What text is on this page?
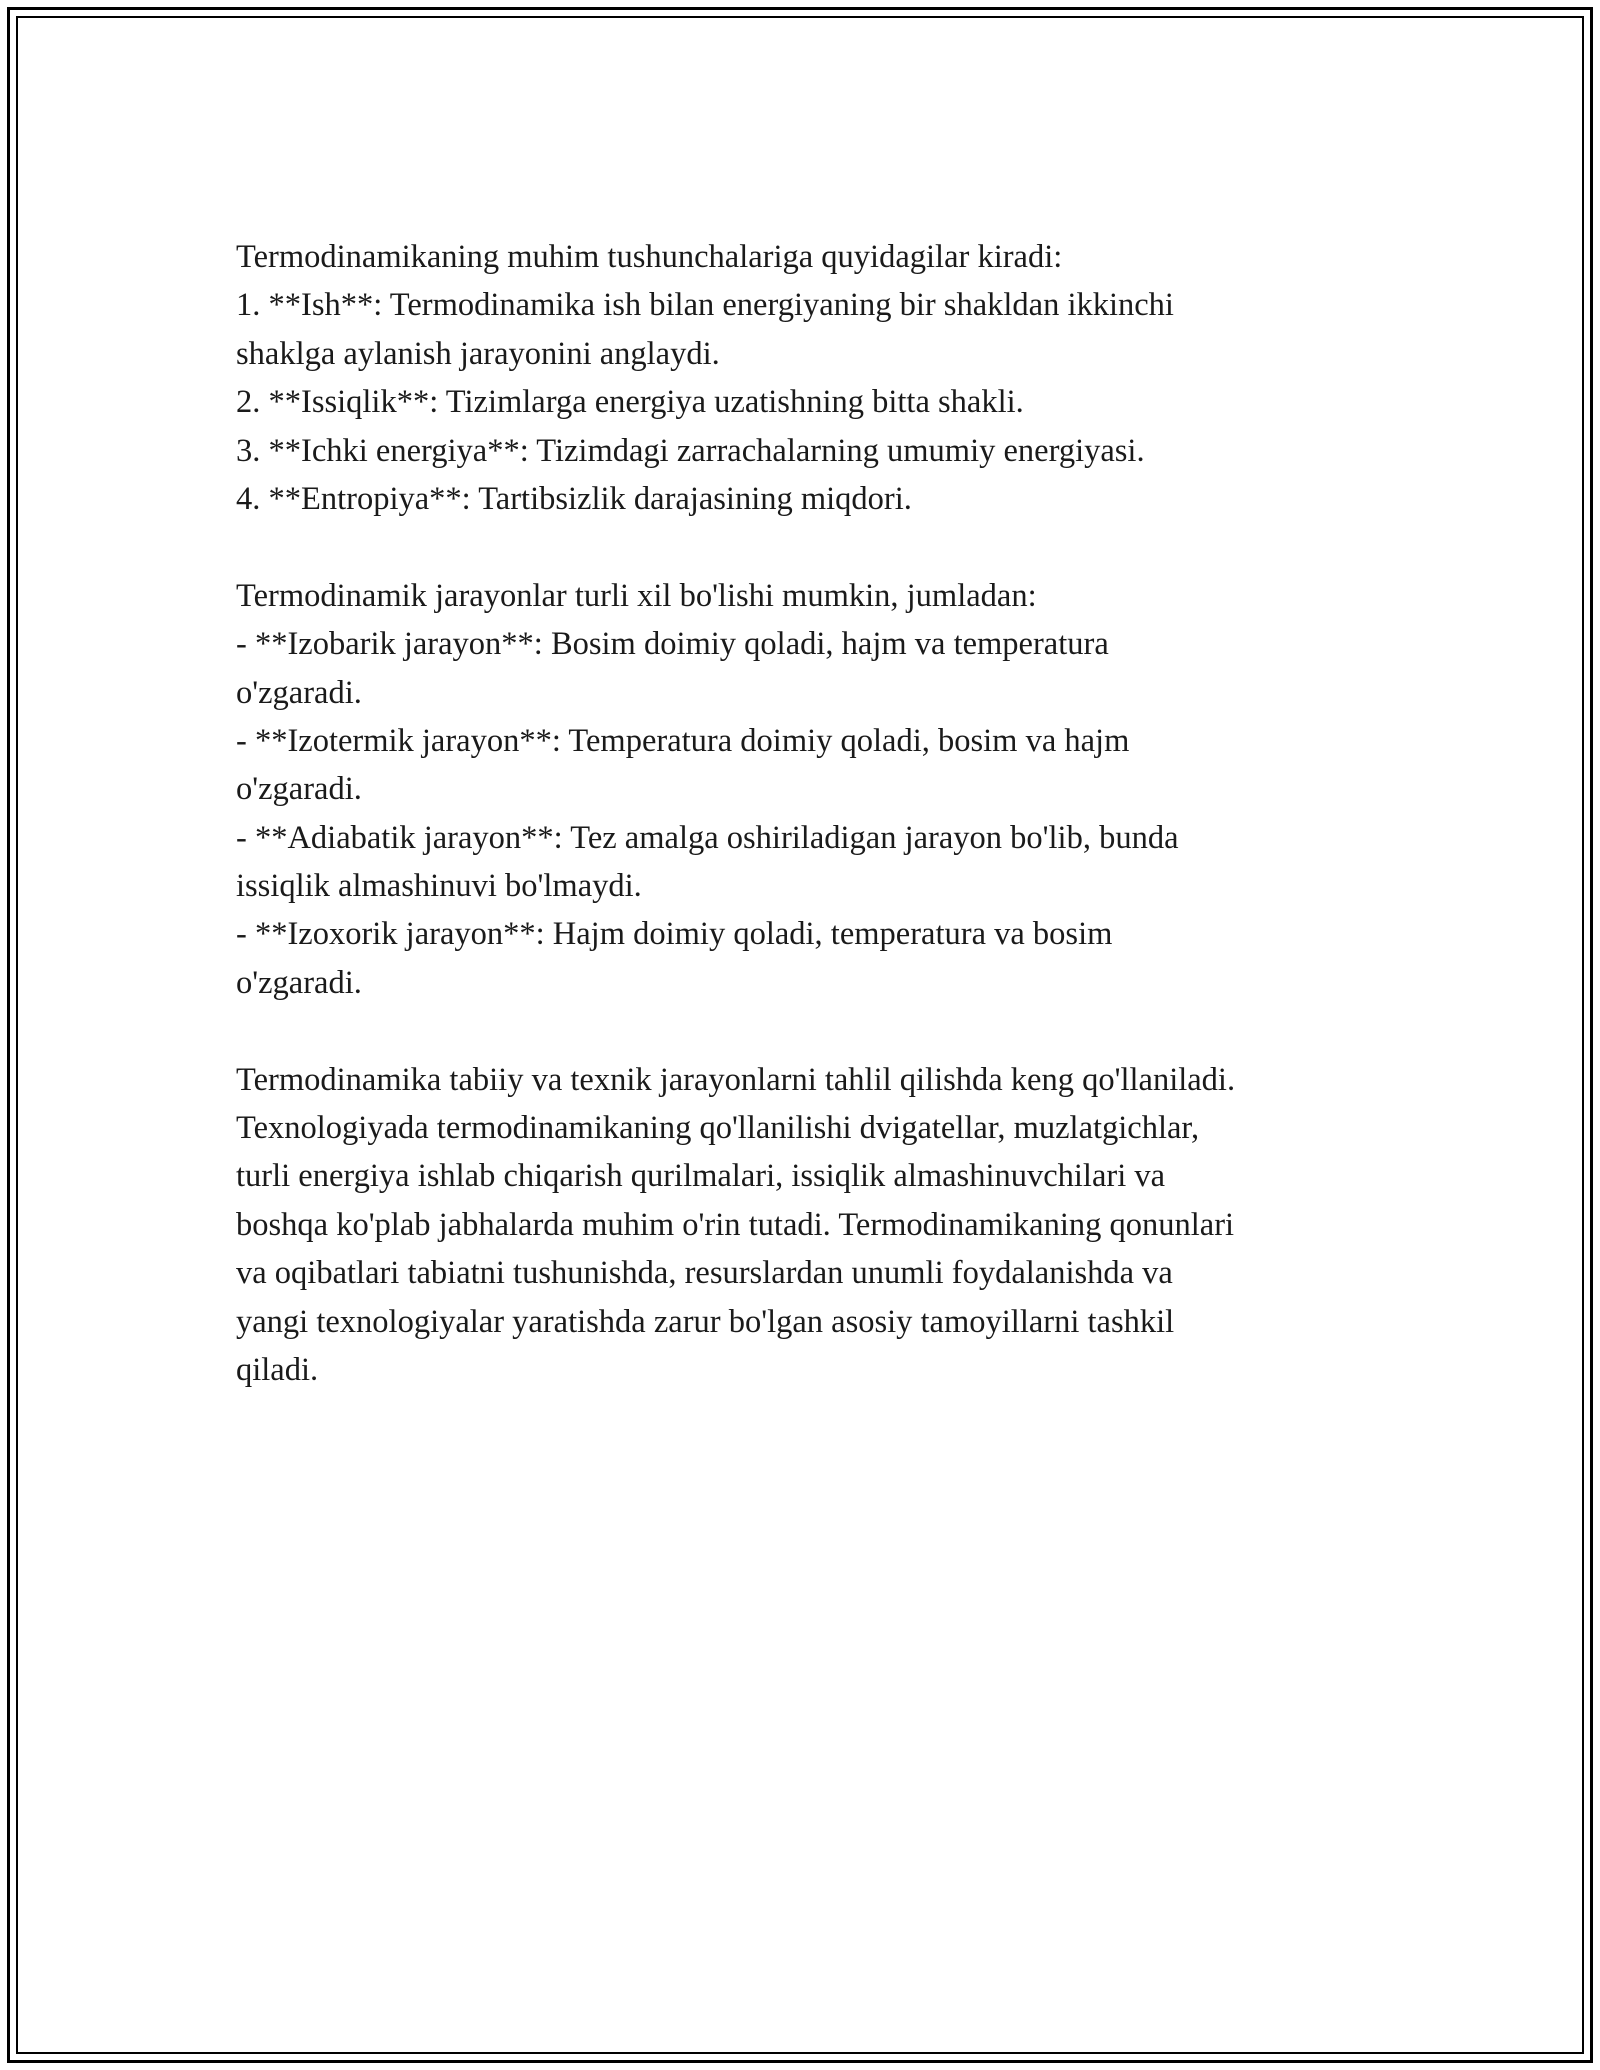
Termodinamikaning muhim tushunchalariga quyidagilar kiradi:
1. **Ish**: Termodinamika ish bilan energiyaning bir shakldan ikkinchi
shaklga aylanish jarayonini anglaydi.
2. **Issiqlik**: Tizimlarga energiya uzatishning bitta shakli.
3. **Ichki energiya**: Tizimdagi zarrachalarning umumiy energiyasi.
4. **Entropiya**: Tartibsizlik darajasining miqdori.
Termodinamik jarayonlar turli xil bo'lishi mumkin, jumladan:
- **Izobarik jarayon**: Bosim doimiy qoladi, hajm va temperatura
o'zgaradi.
- **Izotermik jarayon**: Temperatura doimiy qoladi, bosim va hajm
o'zgaradi.
- **Adiabatik jarayon**: Tez amalga oshiriladigan jarayon bo'lib, bunda
issiqlik almashinuvi bo'lmaydi.
- **Izoxorik jarayon**: Hajm doimiy qoladi, temperatura va bosim
o'zgaradi.
Termodinamika tabiiy va texnik jarayonlarni tahlil qilishda keng qo'llaniladi.
Texnologiyada termodinamikaning qo'llanilishi dvigatellar, muzlatgichlar,
turli energiya ishlab chiqarish qurilmalari, issiqlik almashinuvchilari va
boshqa ko'plab jabhalarda muhim o'rin tutadi. Termodinamikaning qonunlari
va oqibatlari tabiatni tushunishda, resurslardan unumli foydalanishda va
yangi texnologiyalar yaratishda zarur bo'lgan asosiy tamoyillarni tashkil
qiladi.
